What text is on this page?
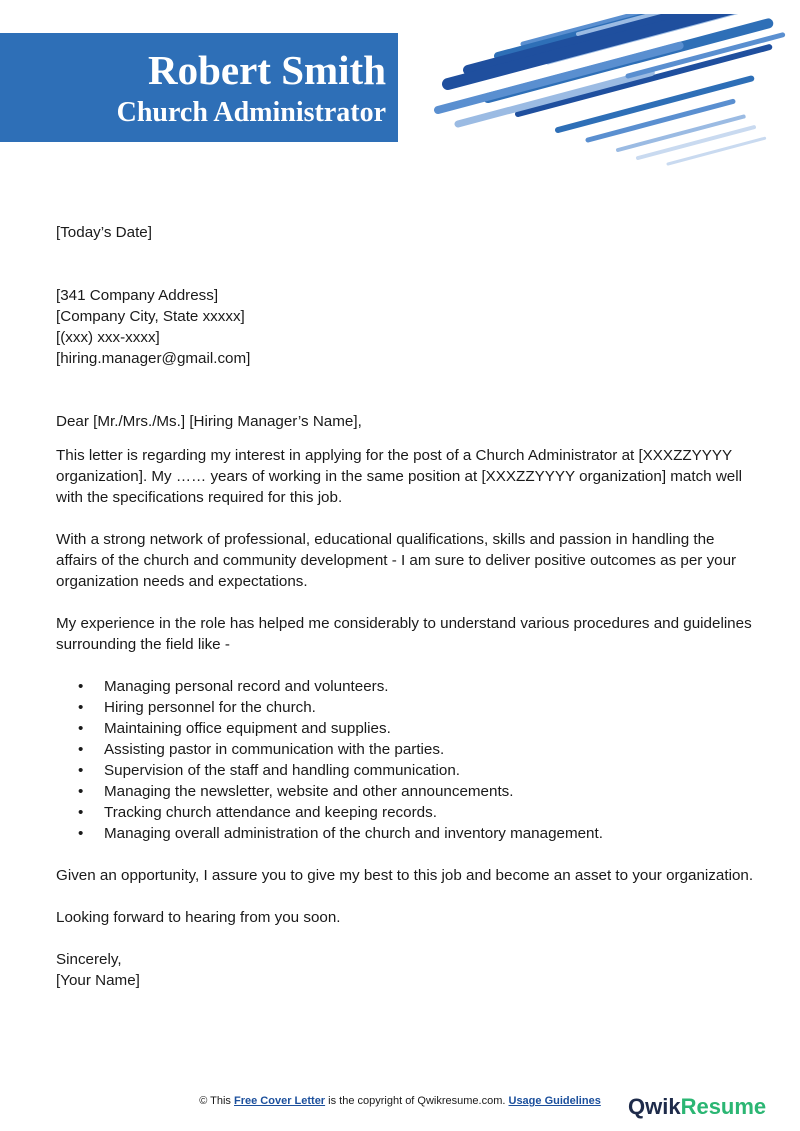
Robert Smith
Church Administrator

[Today’s Date]

[341 Company Address]

[Company City, State xxxxx]

[(xxx) xxx-xxxx]

[hiring.manager@gmail.com]

Dear [Mr./Mrs./Ms.] [Hiring Manager’s Name],

This letter is regarding my interest in applying for the post of a Church Administrator at [XXXZZYYYY organization]. My …… years of working in the same position at [XXXZZYYYY organization] match well with the specifications required for this job.

With a strong network of professional, educational qualifications, skills and passion in handling the affairs of the church and community development - I am sure to deliver positive outcomes as per your organization needs and expectations.

My experience in the role has helped me considerably to understand various procedures and guidelines surrounding the field like -

• Managing personal record and volunteers.
• Hiring personnel for the church.
• Maintaining office equipment and supplies.
• Assisting pastor in communication with the parties.
• Supervision of the staff and handling communication.
• Managing the newsletter, website and other announcements.
• Tracking church attendance and keeping records.
• Managing overall administration of the church and inventory management.

Given an opportunity, I assure you to give my best to this job and become an asset to your organization.

Looking forward to hearing from you soon.

Sincerely,

[Your Name]

© This Free Cover Letter is the copyright of Qwikresume.com. Usage Guidelines	QwikResume
